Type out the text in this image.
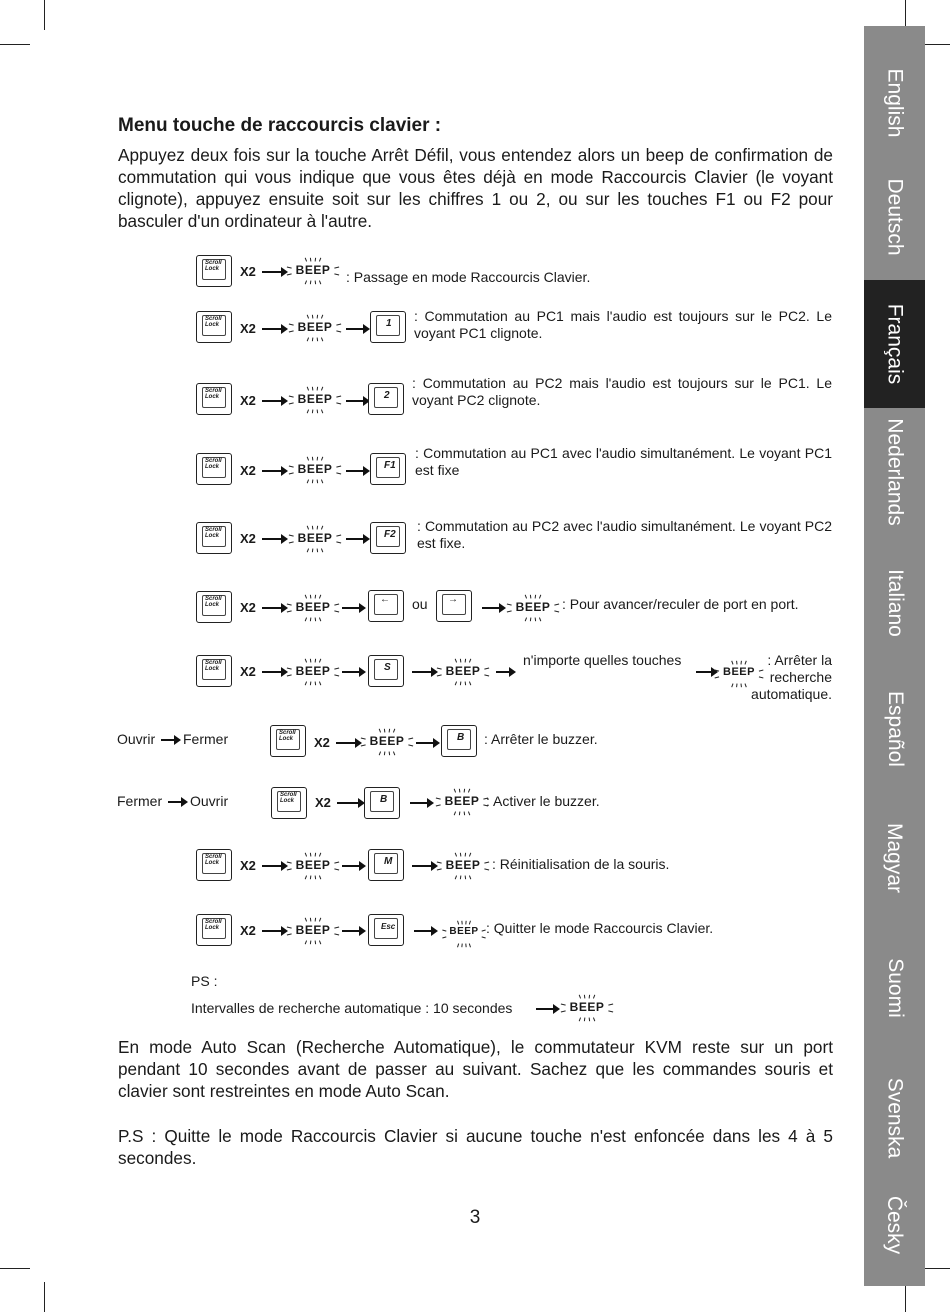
English
Deutsch
Français
Nederlands
Italiano
Español
Magyar
Suomi
Svenska
Česky
Menu touche de raccourcis clavier :

Appuyez deux fois sur la touche Arrêt Défil, vous entendez alors un beep de confirmation de commutation qui vous indique que vous êtes déjà en mode Raccourcis Clavier (le voyant clignote), appuyez ensuite soit sur les chiffres 1 ou 2, ou sur les touches F1 ou F2 pour basculer d'un ordinateur à l'autre.

Scroll
Lock X2	BEEP	: Passage en mode Raccourcis Clavier.
Scroll
Lock X2	BEEP	1 : Commutation au PC1 mais l'audio est toujours sur le PC2. Le voyant PC1 clignote.
Scroll
Lock X2	BEEP	2
: Commutation au PC2 mais l'audio est toujours sur le PC1. Le voyant PC2 clignote.
Scroll
Lock X2	BEEP	F1
: Commutation au PC1 avec l'audio simultanément. Le voyant PC1 est fixe
Scroll
Lock X2	BEEP	F2
: Commutation au PC2 avec l'audio simultanément. Le voyant PC2 est fixe.
Scroll
Lock X2	BEEP
← ou →
BEEP : Pour avancer/reculer de port en port.
Scroll
Lock X2	BEEP	S	BEEP
n'importe quelles touches
BEEP
: Arrêter la recherche automatique.
Ouvrir Fermer	Scroll
Lock X2	BEEP	B : Arrêter le buzzer.
Fermer Ouvrir	Scroll
Lock X2	B	BEEP : Activer le buzzer.
Scroll
Lock X2	BEEP	M	BEEP : Réinitialisation de la souris.
Scroll
Lock X2	BEEP	Esc	BEEP : Quitter le mode Raccourcis Clavier.
PS :
Intervalles de recherche automatique : 10 secondes	BEEP

En mode Auto Scan (Recherche Automatique), le commutateur KVM reste sur un port pendant 10 secondes avant de passer au suivant. Sachez que les commandes souris et clavier sont restreintes en mode Auto Scan.

P.S : Quitte le mode Raccourcis Clavier si aucune touche n'est enfoncée dans les 4 à 5 secondes.

3
